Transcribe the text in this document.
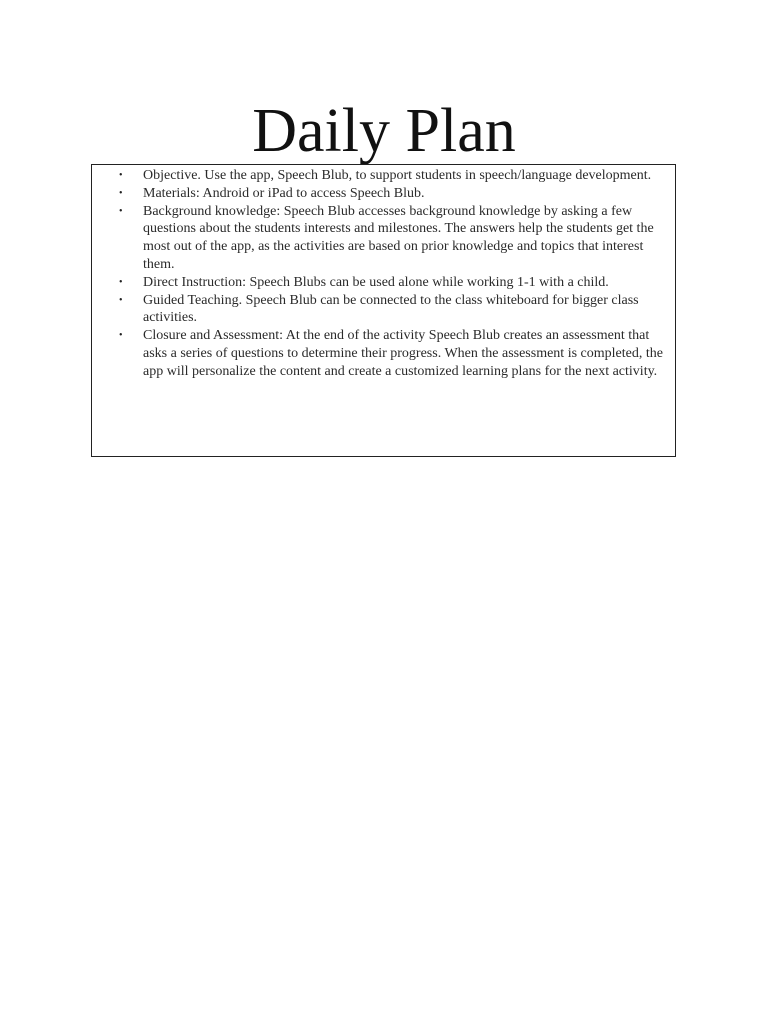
Daily Plan
• Objective. Use the app, Speech Blub, to support students in speech/language development.
• Materials: Android or iPad to access Speech Blub.
• Background knowledge: Speech Blub accesses background knowledge by asking a few questions about the students interests and milestones. The answers help the students get the most out of the app, as the activities are based on prior knowledge and topics that interest them.
• Direct Instruction: Speech Blubs can be used alone while working 1-1 with a child.
• Guided Teaching. Speech Blub can be connected to the class whiteboard for bigger class activities.
• Closure and Assessment: At the end of the activity Speech Blub creates an assessment that asks a series of questions to determine their progress. When the assessment is completed, the app will personalize the content and create a customized learning plans for the next activity.
